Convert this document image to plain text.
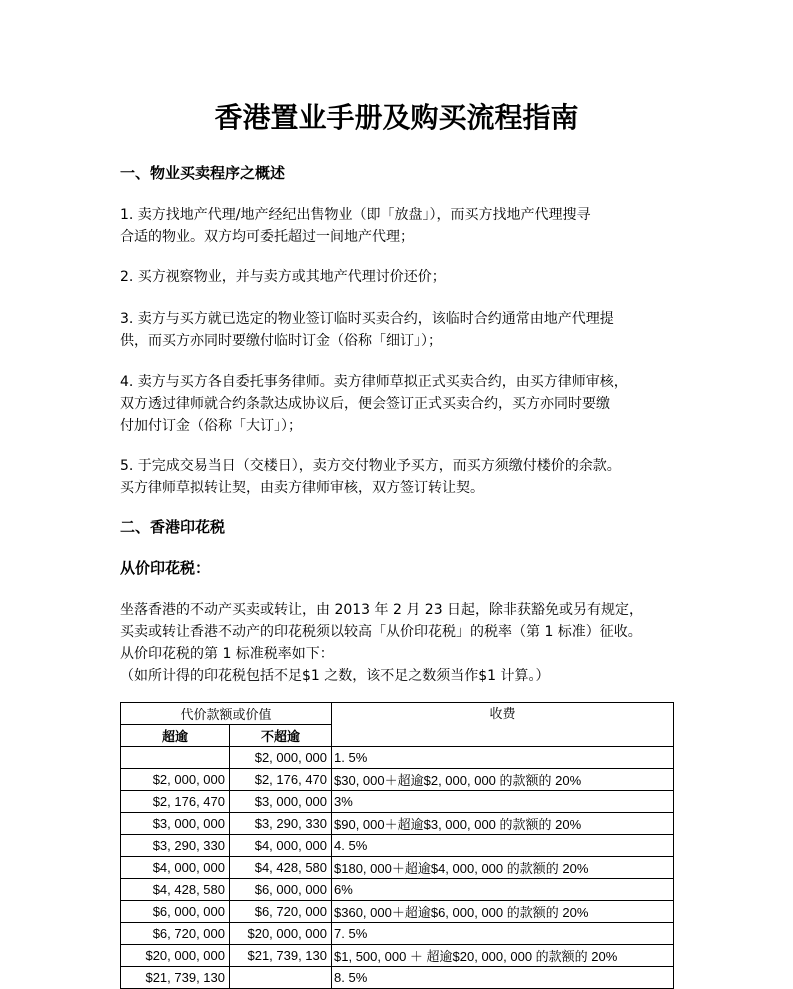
香港置业手册及购买流程指南
一、物业买卖程序之概述

1. 卖方找地产代理/地产经纪出售物业（即「放盘」），而买方找地产代理搜寻

合适的物业。双方均可委托超过一间地产代理；

2. 买方视察物业，并与卖方或其地产代理讨价还价；

3. 卖方与买方就已选定的物业签订临时买卖合约，该临时合约通常由地产代理提

供，而买方亦同时要缴付临时订金（俗称「细订」）；

4. 卖方与买方各自委托事务律师。卖方律师草拟正式买卖合约，由买方律师审核，

双方透过律师就合约条款达成协议后，便会签订正式买卖合约，买方亦同时要缴

付加付订金（俗称「大订」）；

5. 于完成交易当日（交楼日），卖方交付物业予买方，而买方须缴付楼价的余款。

买方律师草拟转让契，由卖方律师审核，双方签订转让契。

二、香港印花税
从价印花税：

坐落香港的不动产买卖或转让，由 2013 年 2 月 23 日起，除非获豁免或另有规定，

买卖或转让香港不动产的印花税须以较高「从价印花税」的税率（第 1 标准）征收。

从价印花税的第 1 标准税率如下：

（如所计得的印花税包括不足$1 之数，该不足之数须当作$1 计算。）

代价款额或价值		收费
超逾	不超逾	
	$2, 000, 000	1. 5%
$2, 000, 000	$2, 176, 470	$30, 000＋超逾$2, 000, 000 的款额的 20%
$2, 176, 470	$3, 000, 000	3%
$3, 000, 000	$3, 290, 330	$90, 000＋超逾$3, 000, 000 的款额的 20%
$3, 290, 330	$4, 000, 000	4. 5%
$4, 000, 000	$4, 428, 580	$180, 000＋超逾$4, 000, 000 的款额的 20%
$4, 428, 580	$6, 000, 000	6%
$6, 000, 000	$6, 720, 000	$360, 000＋超逾$6, 000, 000 的款额的 20%
$6, 720, 000	$20, 000, 000	7. 5%
$20, 000, 000	$21, 739, 130	$1, 500, 000 ＋ 超逾$20, 000, 000 的款额的 20%
$21, 739, 130		8. 5%
